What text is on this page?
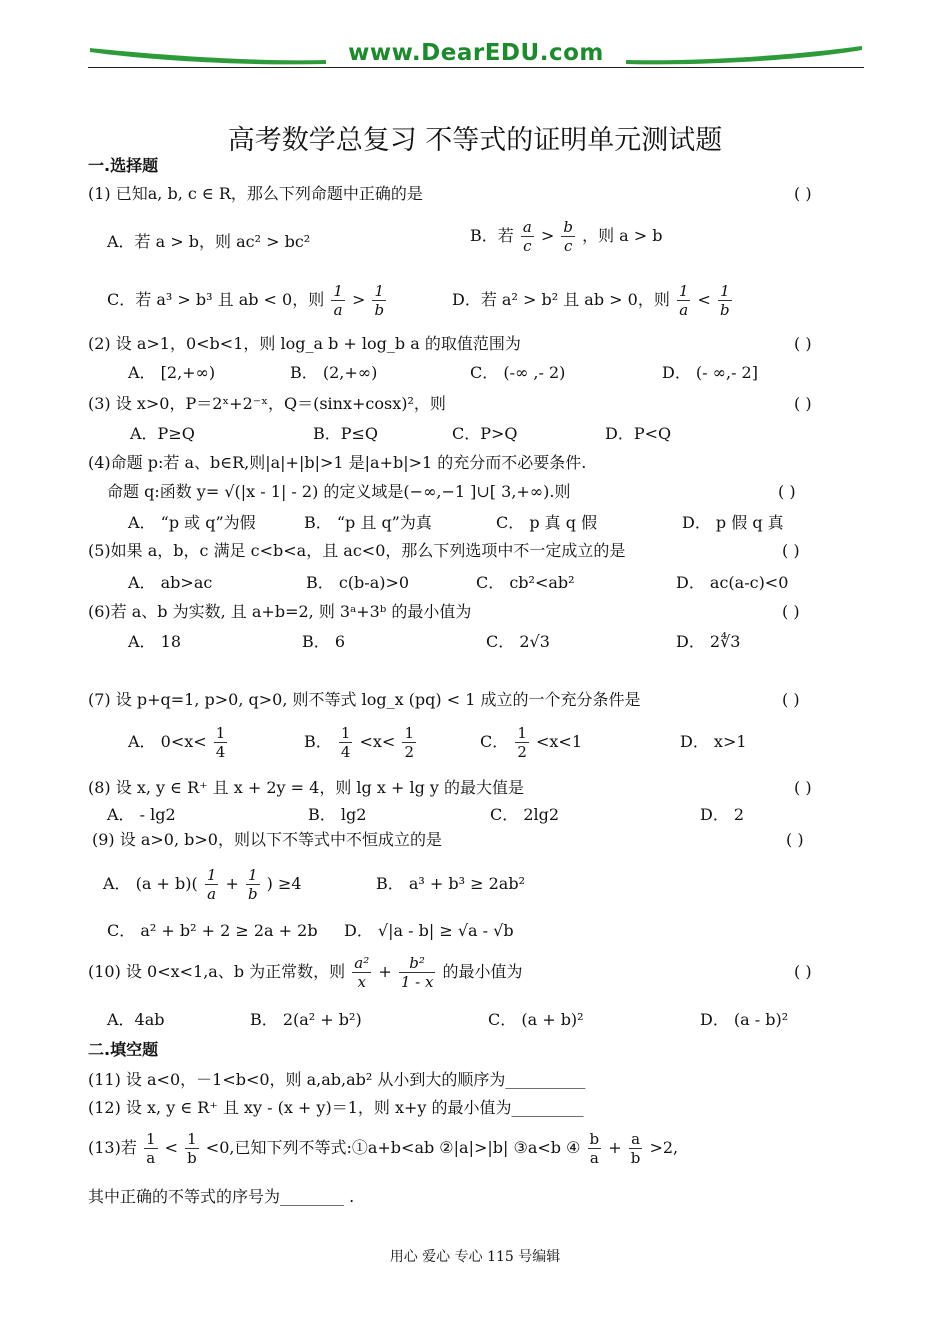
www.DearEDU.com
高考数学总复习 不等式的证明单元测试题
一.选择题
(1) 已知a, b, c ∈ R，那么下列命题中正确的是	( )
A．若 a > b，则 ac² > bc²	B．若 $\frac{a}{c} > \frac{b}{c}$ ，则 a > b
C．若 a³ > b³ 且 ab < 0，则 $\frac{1}{a} > \frac{1}{b}$	D．若 a² > b² 且 ab > 0，则 $\frac{1}{a} < \frac{1}{b}$
(2) 设 a>1，0<b<1，则 log_a b + log_b a 的取值范围为	( )
A． [2,+∞)	B． (2,+∞)	C． (-∞ ,- 2)	D． (- ∞,- 2]
(3) 设 x>0，P＝2ˣ+2⁻ˣ，Q＝(sinx+cosx)²，则	( )
A．P≥Q	B．P≤Q	C．P>Q	D．P<Q
(4)命题 p:若 a、b∈R,则|a|+|b|>1 是|a+b|>1 的充分而不必要条件.
命题 q:函数 y= √(|x - 1| - 2) 的定义域是(−∞,−1 ]∪[ 3,+∞).则	( )
A． “p 或 q”为假	B． “p 且 q”为真	C． p 真 q 假	D． p 假 q 真
(5)如果 a，b，c 满足 c<b<a，且 ac<0，那么下列选项中不一定成立的是	( )
A． ab>ac	B． c(b-a)>0	C． cb²<ab²	D． ac(a-c)<0
(6)若 a、b 为实数, 且 a+b=2, 则 3ᵃ+3ᵇ 的最小值为	( )
A． 18	B． 6	C． 2√3	D． 2∜3
(7) 设 p+q=1, p>0, q>0, 则不等式 log_x (pq) < 1 成立的一个充分条件是	( )
A． $0<x< \frac{1}{4}$	B． $\frac{1}{4} <x< \frac{1}{2}$	C． $\frac{1}{2} <x<1$	D． x>1
(8) 设 x, y ∈ R⁺ 且 x + 2y = 4，则 lg x + lg y 的最大值是	( )
A． - lg2	B． lg2	C． 2lg2	D． 2
(9) 设 a>0, b>0，则以下不等式中不恒成立的是	( )
A． $(a + b)( \frac{1}{a} + \frac{1}{b}$ ) ≥4	B． a³ + b³ ≥ 2ab²
C． a² + b² + 2 ≥ 2a + 2b D． √|a - b| ≥ √a - √b
(10) 设 0<x<1,a、b 为正常数，则 $\frac{\text{a²}}{x} + \frac{\text{b²}}{1 - x}$ 的最小值为	( )
A．4ab	B． 2(a² + b²)	C． (a + b)²	D． (a - b)²
二.填空题
(11) 设 a<0，－1<b<0，则 a,ab,ab² 从小到大的顺序为__________
(12) 设 x, y ∈ R⁺ 且 xy - (x + y)＝1，则 x+y 的最小值为_________
(13)若 $\frac{1}{a} < \frac{1}{b} <0$,已知下列不等式:①a+b<ab ②|a|>|b| ③a<b ④ $\frac{b}{a} + \frac{a}{b} >2$,
其中正确的不等式的序号为________ .
用心 爱心 专心 115 号编辑
